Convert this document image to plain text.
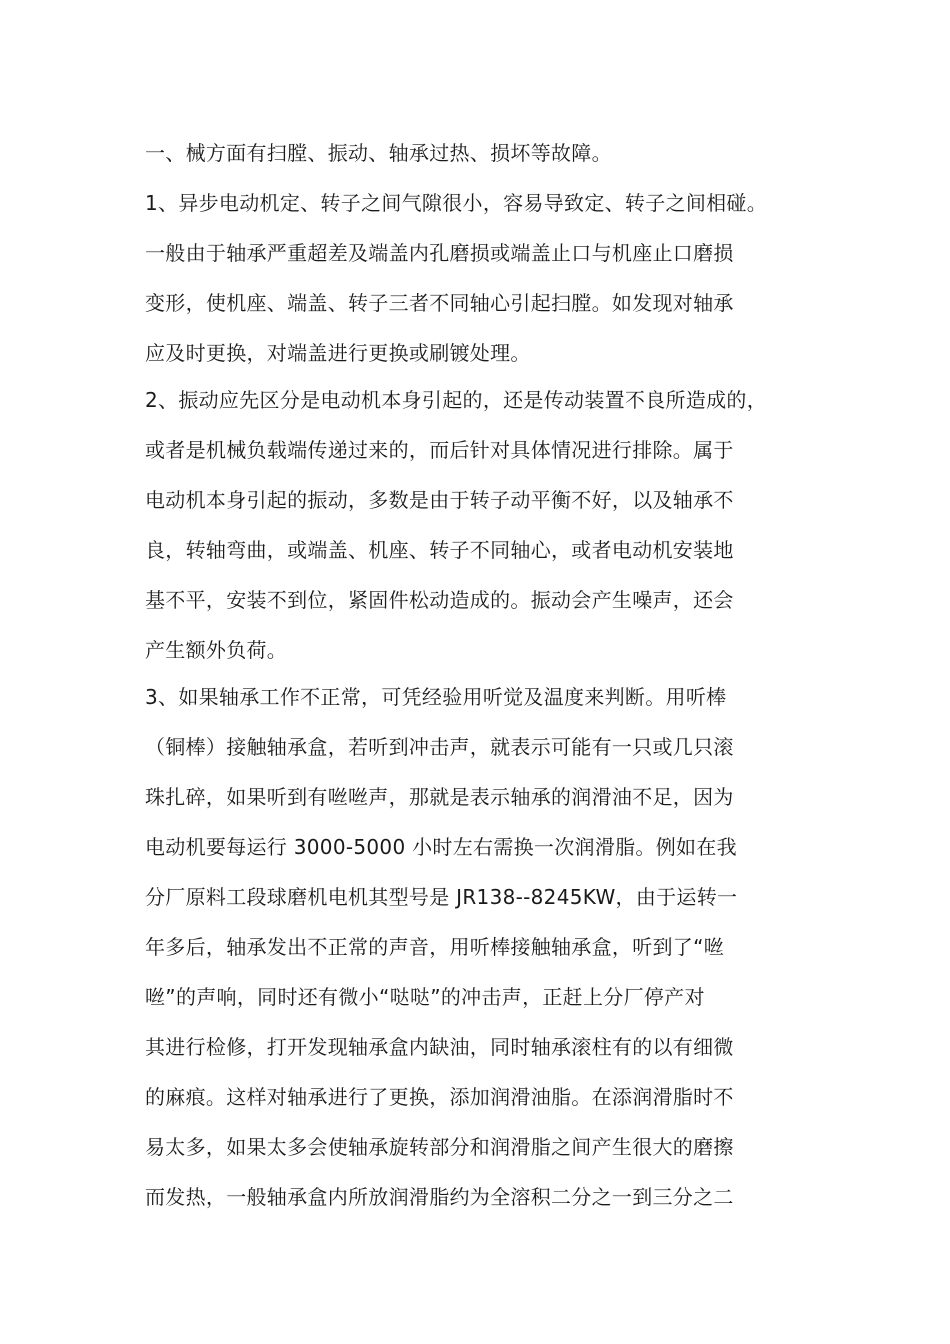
一、械方面有扫膛、振动、轴承过热、损坏等故障。
1、异步电动机定、转子之间气隙很小，容易导致定、转子之间相碰。
一般由于轴承严重超差及端盖内孔磨损或端盖止口与机座止口磨损
变形，使机座、端盖、转子三者不同轴心引起扫膛。如发现对轴承
应及时更换，对端盖进行更换或刷镀处理。
2、振动应先区分是电动机本身引起的，还是传动装置不良所造成的，
或者是机械负载端传递过来的，而后针对具体情况进行排除。属于
电动机本身引起的振动，多数是由于转子动平衡不好，以及轴承不
良，转轴弯曲，或端盖、机座、转子不同轴心，或者电动机安装地
基不平，安装不到位，紧固件松动造成的。振动会产生噪声，还会
产生额外负荷。
3、如果轴承工作不正常，可凭经验用听觉及温度来判断。用听棒
（铜棒）接触轴承盒，若听到冲击声，就表示可能有一只或几只滚
珠扎碎，如果听到有咝咝声，那就是表示轴承的润滑油不足，因为
电动机要每运行 3000-5000 小时左右需换一次润滑脂。例如在我
分厂原料工段球磨机电机其型号是 JR138--8245KW，由于运转一
年多后，轴承发出不正常的声音，用听棒接触轴承盒，听到了“咝
咝”的声响，同时还有微小“哒哒”的冲击声，正赶上分厂停产对
其进行检修，打开发现轴承盒内缺油，同时轴承滚柱有的以有细微
的麻痕。这样对轴承进行了更换，添加润滑油脂。在添润滑脂时不
易太多，如果太多会使轴承旋转部分和润滑脂之间产生很大的磨擦
而发热，一般轴承盒内所放润滑脂约为全溶积二分之一到三分之二
